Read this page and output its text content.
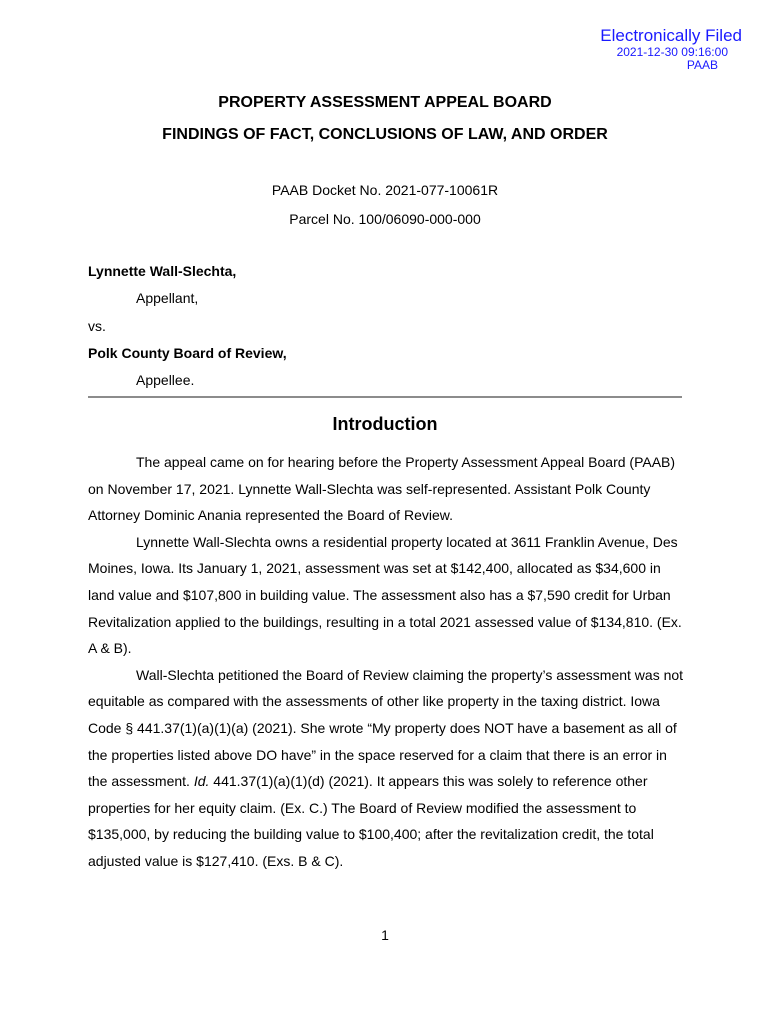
Electronically Filed
2021-12-30 09:16:00
PAAB
PROPERTY ASSESSMENT APPEAL BOARD
FINDINGS OF FACT, CONCLUSIONS OF LAW, AND ORDER
PAAB Docket No. 2021-077-10061R
Parcel No. 100/06090-000-000
Lynnette Wall-Slechta,
Appellant,
vs.
Polk County Board of Review,
Appellee.
Introduction

The appeal came on for hearing before the Property Assessment Appeal Board (PAAB) on November 17, 2021. Lynnette Wall-Slechta was self-represented. Assistant Polk County Attorney Dominic Anania represented the Board of Review.

Lynnette Wall-Slechta owns a residential property located at 3611 Franklin Avenue, Des Moines, Iowa. Its January 1, 2021, assessment was set at $142,400, allocated as $34,600 in land value and $107,800 in building value. The assessment also has a $7,590 credit for Urban Revitalization applied to the buildings, resulting in a total 2021 assessed value of $134,810. (Ex. A & B).

Wall-Slechta petitioned the Board of Review claiming the property’s assessment was not equitable as compared with the assessments of other like property in the taxing district. Iowa Code § 441.37(1)(a)(1)(a) (2021). She wrote “My property does NOT have a basement as all of the properties listed above DO have” in the space reserved for a claim that there is an error in the assessment. Id. 441.37(1)(a)(1)(d) (2021). It appears this was solely to reference other properties for her equity claim. (Ex. C.) The Board of Review modified the assessment to $135,000, by reducing the building value to $100,400; after the revitalization credit, the total adjusted value is $127,410. (Exs. B & C).

1
